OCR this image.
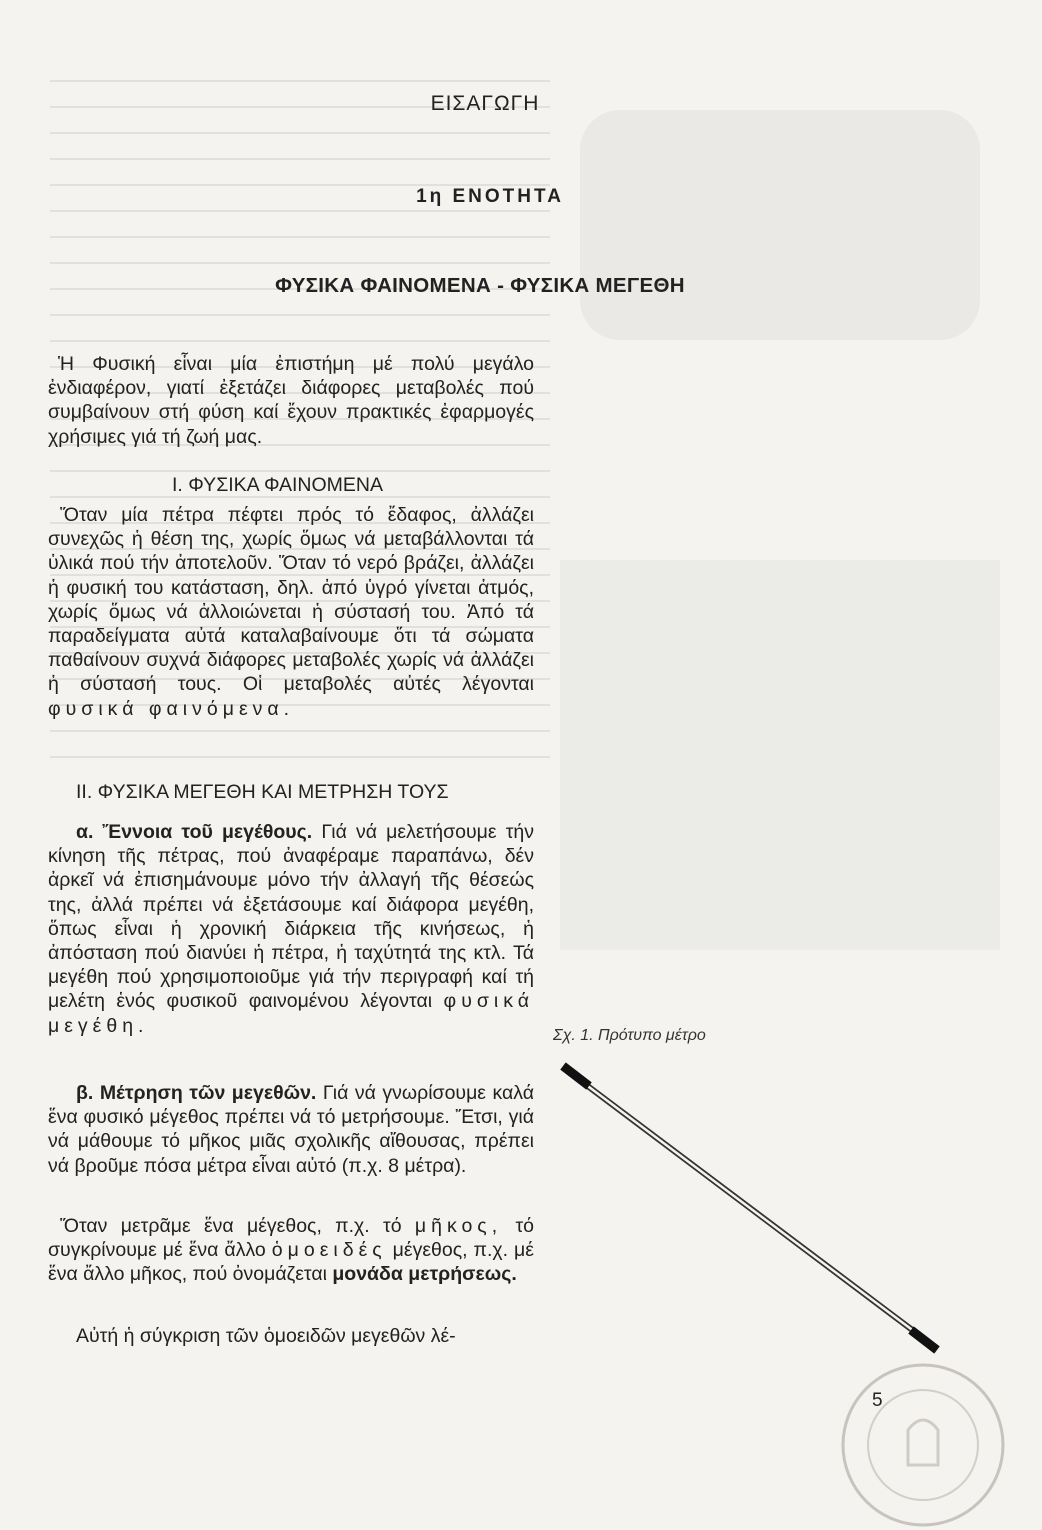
ΕΙΣΑΓΩΓΗ
1η ΕΝΟΤΗΤΑ
ΦΥΣΙΚΑ ΦΑΙΝΟΜΕΝΑ - ΦΥΣΙΚΑ ΜΕΓΕΘΗ

Ἡ Φυσική εἶναι μία ἐπιστήμη μέ πολύ μεγάλο ἐνδιαφέρον, γιατί ἐξετάζει διάφορες μεταβολές πού συμβαίνουν στή φύση καί ἔχουν πρακτικές ἐφαρμογές χρήσιμες γιά τή ζωή μας.

Ι. ΦΥΣΙΚΑ ΦΑΙΝΟΜΕΝΑ

Ὅταν μία πέτρα πέφτει πρός τό ἔδαφος, ἀλλάζει συνεχῶς ἡ θέση της, χωρίς ὅμως νά μεταβάλλονται τά ὑλικά πού τήν ἀποτελοῦν. Ὅταν τό νερό βράζει, ἀλλάζει ἡ φυσική του κατάσταση, δηλ. ἀπό ὑγρό γίνεται ἀτμός, χωρίς ὅμως νά ἀλλοιώνεται ἡ σύστασή του. Ἀπό τά παραδείγματα αὐτά καταλαβαίνουμε ὅτι τά σώματα παθαίνουν συχνά διάφορες μεταβολές χωρίς νά ἀλλάζει ἡ σύστασή τους. Οἱ μεταβολές αὐτές λέγονται φυσικά φαινόμενα.

ΙΙ. ΦΥΣΙΚΑ ΜΕΓΕΘΗ ΚΑΙ ΜΕΤΡΗΣΗ ΤΟΥΣ

α. Ἔννοια τοῦ μεγέθους. Γιά νά μελετήσουμε τήν κίνηση τῆς πέτρας, πού ἀναφέραμε παραπάνω, δέν ἀρκεῖ νά ἐπισημάνουμε μόνο τήν ἀλλαγή τῆς θέσεώς της, ἀλλά πρέπει νά ἐξετάσουμε καί διάφορα μεγέθη, ὅπως εἶναι ἡ χρονική διάρκεια τῆς κινήσεως, ἡ ἀπόσταση πού διανύει ἡ πέτρα, ἡ ταχύτητά της κτλ. Τά μεγέθη πού χρησιμοποιοῦμε γιά τήν περιγραφή καί τή μελέτη ἑνός φυσικοῦ φαινομένου λέγονται φυσικά μεγέθη.

β. Μέτρηση τῶν μεγεθῶν. Γιά νά γνωρίσουμε καλά ἕνα φυσικό μέγεθος πρέπει νά τό μετρήσουμε. Ἔτσι, γιά νά μάθουμε τό μῆκος μιᾶς σχολικῆς αἴθουσας, πρέπει νά βροῦμε πόσα μέτρα εἶναι αὐτό (π.χ. 8 μέτρα).

Ὅταν μετρᾶμε ἕνα μέγεθος, π.χ. τό μῆκος, τό συγκρίνουμε μέ ἕνα ἄλλο ὁμοειδές μέγεθος, π.χ. μέ ἕνα ἄλλο μῆκος, πού ὀνομάζεται μονάδα μετρήσεως.

Αὐτή ἡ σύγκριση τῶν ὁμοειδῶν μεγεθῶν λέ-

Σχ. 1. Πρότυπο μέτρο
5
